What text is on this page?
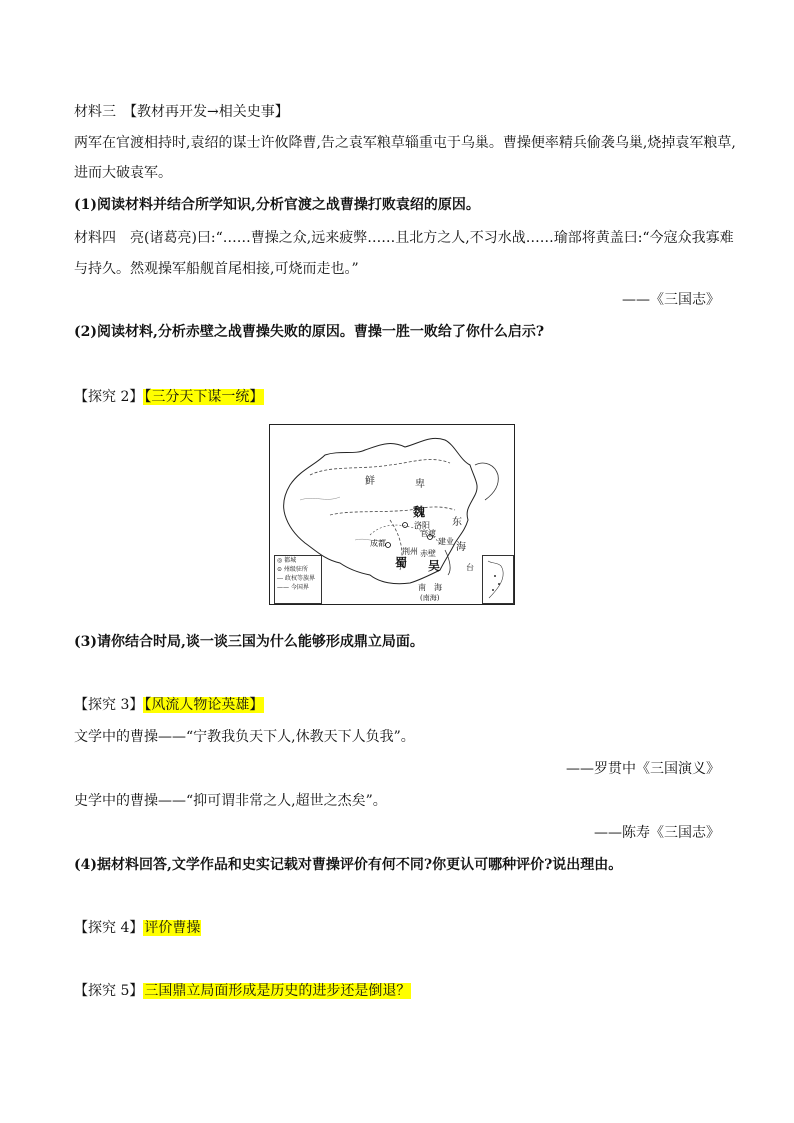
材料三　【教材再开发→相关史事】
两军在官渡相持时,袁绍的谋士许攸降曹,告之袁军粮草辎重屯于乌巢。曹操便率精兵偷袭乌巢,烧掉袁军粮草,
进而大破袁军。
(1)阅读材料并结合所学知识,分析官渡之战曹操打败袁绍的原因。
材料四　亮(诸葛亮)曰:“……曹操之众,远来疲弊……且北方之人,不习水战……瑜部将黄盖曰:“今寇众我寡难
与持久。然观操军船舰首尾相接,可烧而走也。”
——《三国志》
(2)阅读材料,分析赤壁之战曹操失败的原因。曹操一胜一败给了你什么启示?
【探究 2】【三分天下谋一统】
鲜	卑
魏
蜀 吴
成都
洛阳
官渡
荆州 赤壁
建业
东
海
台
南　海
(南海)
◎ 都城
⊙ 州级驻所
--- 政权等族界
—— 今国界
(3)请你结合时局,谈一谈三国为什么能够形成鼎立局面。
【探究 3】【风流人物论英雄】
文学中的曹操——“宁教我负天下人,休教天下人负我”。
——罗贯中《三国演义》
史学中的曹操——“抑可谓非常之人,超世之杰矣”。
——陈寿《三国志》
(4)据材料回答,文学作品和史实记载对曹操评价有何不同?你更认可哪种评价?说出理由。
【探究 4】评价曹操
【探究 5】三国鼎立局面形成是历史的进步还是倒退？
